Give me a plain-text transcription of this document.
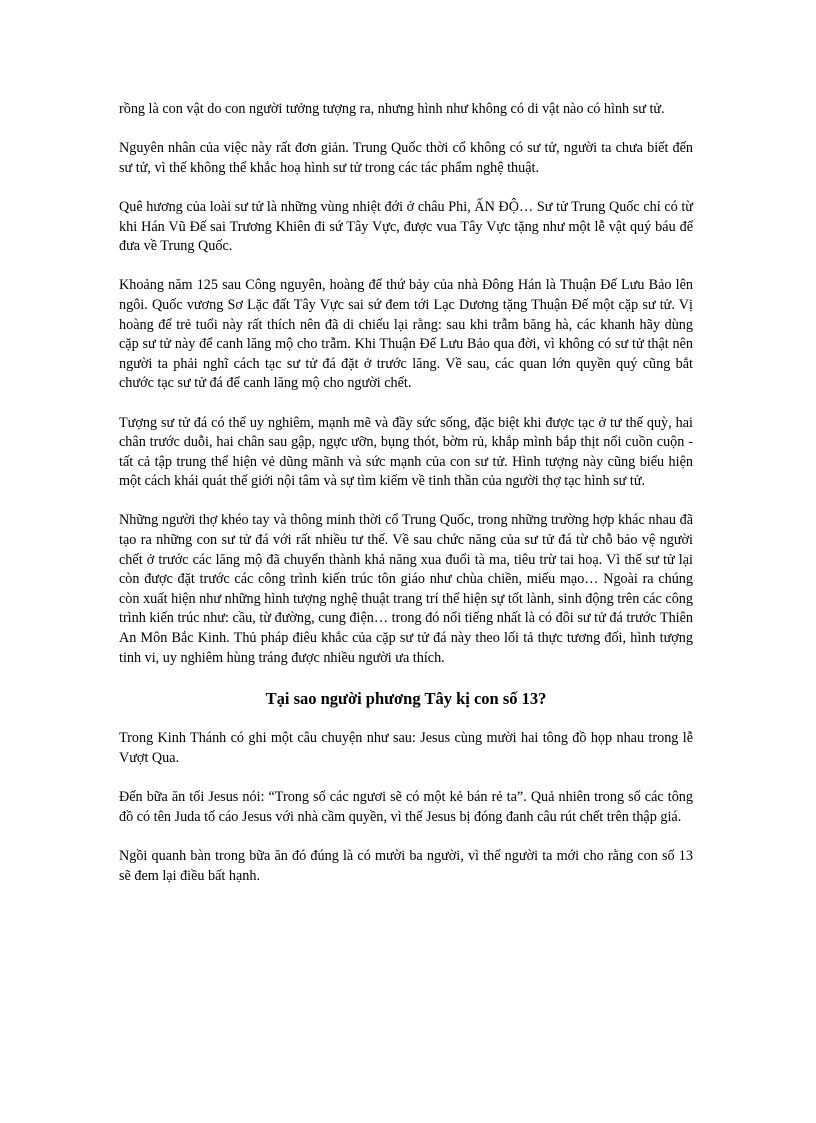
rồng là con vật do con người tưởng tượng ra, nhưng hình như không có di vật nào có hình sư tử.

Nguyên nhân của việc này rất đơn giản. Trung Quốc thời cổ không có sư tử, người ta chưa biết đến sư tử, vì thế không thể khắc hoạ hình sư tử trong các tác phẩm nghệ thuật.

Quê hương của loài sư tử là những vùng nhiệt đới ở châu Phi, ẤN ĐỘ… Sư tử Trung Quốc chỉ có từ khi Hán Vũ Đế sai Trương Khiên đi sứ Tây Vực, được vua Tây Vực tặng như một lễ vật quý báu để đưa về Trung Quốc.

Khoảng năm 125 sau Công nguyên, hoàng đế thứ bảy của nhà Đông Hán là Thuận Đế Lưu Bảo lên ngôi. Quốc vương Sơ Lặc đất Tây Vực sai sứ đem tới Lạc Dương tặng Thuận Đế một cặp sư tử. Vị hoàng đế trẻ tuổi này rất thích nên đã di chiếu lại rằng: sau khi trẫm băng hà, các khanh hãy dùng cặp sư tử này để canh lăng mộ cho trẫm. Khi Thuận Đế Lưu Bảo qua đời, vì không có sư tử thật nên người ta phải nghĩ cách tạc sư tử đá đặt ở trước lăng. Về sau, các quan lớn quyền quý cũng bắt chước tạc sư tử đá để canh lăng mộ cho người chết.

Tượng sư tử đá có thể uy nghiêm, mạnh mẽ và đầy sức sống, đặc biệt khi được tạc ở tư thế quỳ, hai chân trước duỗi, hai chân sau gập, ngực ưỡn, bụng thót, bờm rủ, khắp mình bắp thịt nổi cuồn cuộn - tất cả tập trung thể hiện vẻ dũng mãnh và sức mạnh của con sư tử. Hình tượng này cũng biểu hiện một cách khái quát thế giới nội tâm và sự tìm kiếm về tinh thần của người thợ tạc hình sư tử.

Những người thợ khéo tay và thông minh thời cổ Trung Quốc, trong những trường hợp khác nhau đã tạo ra những con sư tử đá với rất nhiều tư thế. Về sau chức năng của sư tử đá từ chỗ bảo vệ người chết ở trước các lăng mộ đã chuyển thành khả năng xua đuổi tà ma, tiêu trừ tai hoạ. Vì thế sư tử lại còn được đặt trước các công trình kiến trúc tôn giáo như chùa chiền, miếu mạo… Ngoài ra chúng còn xuất hiện như những hình tượng nghệ thuật trang trí thể hiện sự tốt lành, sinh động trên các công trình kiến trúc như: cầu, từ đường, cung điện… trong đó nổi tiếng nhất là có đôi sư tử đá trước Thiên An Môn Bắc Kinh. Thủ pháp điêu khắc của cặp sư tử đá này theo lối tả thực tương đối, hình tượng tinh vi, uy nghiêm hùng tráng được nhiều người ưa thích.

Tại sao người phương Tây kị con số 13?

Trong Kinh Thánh có ghi một câu chuyện như sau: Jesus cùng mười hai tông đồ họp nhau trong lễ Vượt Qua.

Đến bữa ăn tối Jesus nói: “Trong số các ngươi sẽ có một kẻ bán rẻ ta”. Quả nhiên trong số các tông đồ có tên Juda tố cáo Jesus với nhà cầm quyền, vì thế Jesus bị đóng đanh câu rút chết trên thập giá.

Ngồi quanh bàn trong bữa ăn đó đúng là có mười ba người, vì thế người ta mới cho rằng con số 13 sẽ đem lại điều bất hạnh.
